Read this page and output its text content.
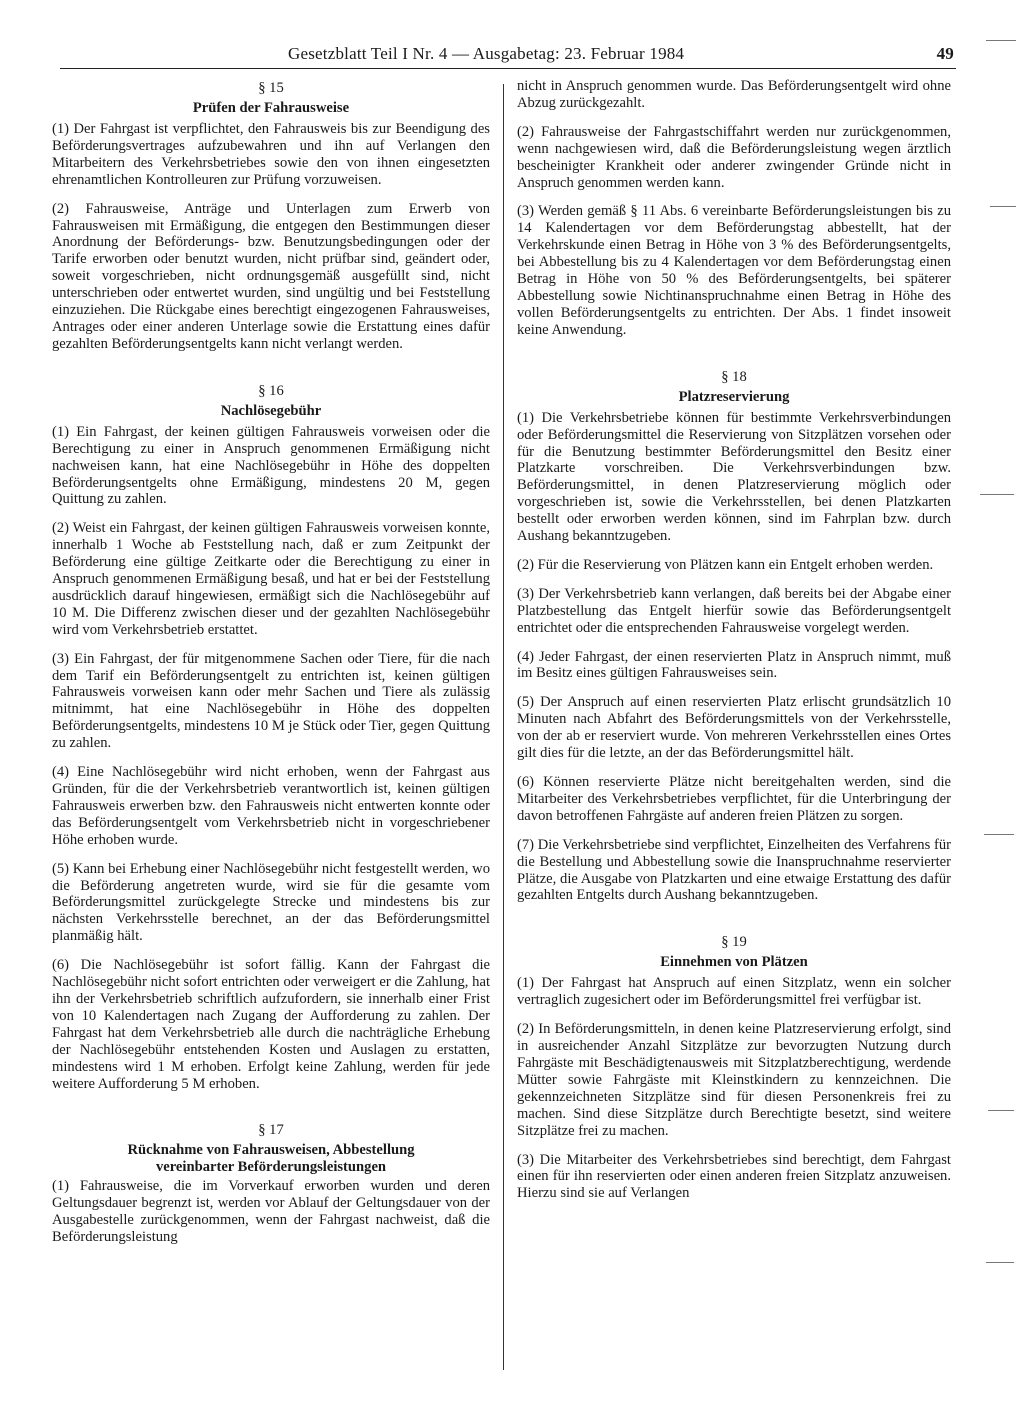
Gesetzblatt Teil I Nr. 4 — Ausgabetag: 23. Februar 1984	49
§ 15
Prüfen der Fahrausweise

(1) Der Fahrgast ist verpflichtet, den Fahrausweis bis zur Beendigung des Beförderungsvertrages aufzubewahren und ihn auf Verlangen den Mitarbeitern des Verkehrsbetriebes sowie den von ihnen eingesetzten ehrenamtlichen Kontrolleuren zur Prüfung vorzuweisen.

(2) Fahrausweise, Anträge und Unterlagen zum Erwerb von Fahrausweisen mit Ermäßigung, die entgegen den Bestimmungen dieser Anordnung der Beförderungs- bzw. Benutzungsbedingungen oder der Tarife erworben oder benutzt wurden, nicht prüfbar sind, geändert oder, soweit vorgeschrieben, nicht ordnungsgemäß ausgefüllt sind, nicht unterschrieben oder entwertet wurden, sind ungültig und bei Feststellung einzuziehen. Die Rückgabe eines berechtigt eingezogenen Fahrausweises, Antrages oder einer anderen Unterlage sowie die Erstattung eines dafür gezahlten Beförderungsentgelts kann nicht verlangt werden.

§ 16
Nachlösegebühr

(1) Ein Fahrgast, der keinen gültigen Fahrausweis vorweisen oder die Berechtigung zu einer in Anspruch genommenen Ermäßigung nicht nachweisen kann, hat eine Nachlösegebühr in Höhe des doppelten Beförderungsentgelts ohne Ermäßigung, mindestens 20 M, gegen Quittung zu zahlen.

(2) Weist ein Fahrgast, der keinen gültigen Fahrausweis vorweisen konnte, innerhalb 1 Woche ab Feststellung nach, daß er zum Zeitpunkt der Beförderung eine gültige Zeitkarte oder die Berechtigung zu einer in Anspruch genommenen Ermäßigung besaß, und hat er bei der Feststellung ausdrücklich darauf hingewiesen, ermäßigt sich die Nachlösegebühr auf 10 M. Die Differenz zwischen dieser und der gezahlten Nachlösegebühr wird vom Verkehrsbetrieb erstattet.

(3) Ein Fahrgast, der für mitgenommene Sachen oder Tiere, für die nach dem Tarif ein Beförderungsentgelt zu entrichten ist, keinen gültigen Fahrausweis vorweisen kann oder mehr Sachen und Tiere als zulässig mitnimmt, hat eine Nachlösegebühr in Höhe des doppelten Beförderungsentgelts, mindestens 10 M je Stück oder Tier, gegen Quittung zu zahlen.

(4) Eine Nachlösegebühr wird nicht erhoben, wenn der Fahrgast aus Gründen, für die der Verkehrsbetrieb verantwortlich ist, keinen gültigen Fahrausweis erwerben bzw. den Fahrausweis nicht entwerten konnte oder das Beförderungsentgelt vom Verkehrsbetrieb nicht in vorgeschriebener Höhe erhoben wurde.

(5) Kann bei Erhebung einer Nachlösegebühr nicht festgestellt werden, wo die Beförderung angetreten wurde, wird sie für die gesamte vom Beförderungsmittel zurückgelegte Strecke und mindestens bis zur nächsten Verkehrsstelle berechnet, an der das Beförderungsmittel planmäßig hält.

(6) Die Nachlösegebühr ist sofort fällig. Kann der Fahrgast die Nachlösegebühr nicht sofort entrichten oder verweigert er die Zahlung, hat ihn der Verkehrsbetrieb schriftlich aufzufordern, sie innerhalb einer Frist von 10 Kalendertagen nach Zugang der Aufforderung zu zahlen. Der Fahrgast hat dem Verkehrsbetrieb alle durch die nachträgliche Erhebung der Nachlösegebühr entstehenden Kosten und Auslagen zu erstatten, mindestens wird 1 M erhoben. Erfolgt keine Zahlung, werden für jede weitere Aufforderung 5 M erhoben.

§ 17
Rücknahme von Fahrausweisen, Abbestellung
vereinbarter Beförderungsleistungen

(1) Fahrausweise, die im Vorverkauf erworben wurden und deren Geltungsdauer begrenzt ist, werden vor Ablauf der Geltungsdauer von der Ausgabestelle zurückgenommen, wenn der Fahrgast nachweist, daß die Beförderungsleistung

nicht in Anspruch genommen wurde. Das Beförderungsentgelt wird ohne Abzug zurückgezahlt.

(2) Fahrausweise der Fahrgastschiffahrt werden nur zurückgenommen, wenn nachgewiesen wird, daß die Beförderungsleistung wegen ärztlich bescheinigter Krankheit oder anderer zwingender Gründe nicht in Anspruch genommen werden kann.

(3) Werden gemäß § 11 Abs. 6 vereinbarte Beförderungsleistungen bis zu 14 Kalendertagen vor dem Beförderungstag abbestellt, hat der Verkehrskunde einen Betrag in Höhe von 3 % des Beförderungsentgelts, bei Abbestellung bis zu 4 Kalendertagen vor dem Beförderungstag einen Betrag in Höhe von 50 % des Beförderungsentgelts, bei späterer Abbestellung sowie Nichtinanspruchnahme einen Betrag in Höhe des vollen Beförderungsentgelts zu entrichten. Der Abs. 1 findet insoweit keine Anwendung.

§ 18
Platzreservierung

(1) Die Verkehrsbetriebe können für bestimmte Verkehrsverbindungen oder Beförderungsmittel die Reservierung von Sitzplätzen vorsehen oder für die Benutzung bestimmter Beförderungsmittel den Besitz einer Platzkarte vorschreiben. Die Verkehrsverbindungen bzw. Beförderungsmittel, in denen Platzreservierung möglich oder vorgeschrieben ist, sowie die Verkehrsstellen, bei denen Platzkarten bestellt oder erworben werden können, sind im Fahrplan bzw. durch Aushang bekanntzugeben.

(2) Für die Reservierung von Plätzen kann ein Entgelt erhoben werden.

(3) Der Verkehrsbetrieb kann verlangen, daß bereits bei der Abgabe einer Platzbestellung das Entgelt hierfür sowie das Beförderungsentgelt entrichtet oder die entsprechenden Fahrausweise vorgelegt werden.

(4) Jeder Fahrgast, der einen reservierten Platz in Anspruch nimmt, muß im Besitz eines gültigen Fahrausweises sein.

(5) Der Anspruch auf einen reservierten Platz erlischt grundsätzlich 10 Minuten nach Abfahrt des Beförderungsmittels von der Verkehrsstelle, von der ab er reserviert wurde. Von mehreren Verkehrsstellen eines Ortes gilt dies für die letzte, an der das Beförderungsmittel hält.

(6) Können reservierte Plätze nicht bereitgehalten werden, sind die Mitarbeiter des Verkehrsbetriebes verpflichtet, für die Unterbringung der davon betroffenen Fahrgäste auf anderen freien Plätzen zu sorgen.

(7) Die Verkehrsbetriebe sind verpflichtet, Einzelheiten des Verfahrens für die Bestellung und Abbestellung sowie die Inanspruchnahme reservierter Plätze, die Ausgabe von Platzkarten und eine etwaige Erstattung des dafür gezahlten Entgelts durch Aushang bekanntzugeben.

§ 19
Einnehmen von Plätzen

(1) Der Fahrgast hat Anspruch auf einen Sitzplatz, wenn ein solcher vertraglich zugesichert oder im Beförderungsmittel frei verfügbar ist.

(2) In Beförderungsmitteln, in denen keine Platzreservierung erfolgt, sind in ausreichender Anzahl Sitzplätze zur bevorzugten Nutzung durch Fahrgäste mit Beschädigtenausweis mit Sitzplatzberechtigung, werdende Mütter sowie Fahrgäste mit Kleinstkindern zu kennzeichnen. Die gekennzeichneten Sitzplätze sind für diesen Personenkreis frei zu machen. Sind diese Sitzplätze durch Berechtigte besetzt, sind weitere Sitzplätze frei zu machen.

(3) Die Mitarbeiter des Verkehrsbetriebes sind berechtigt, dem Fahrgast einen für ihn reservierten oder einen anderen freien Sitzplatz anzuweisen. Hierzu sind sie auf Verlangen
